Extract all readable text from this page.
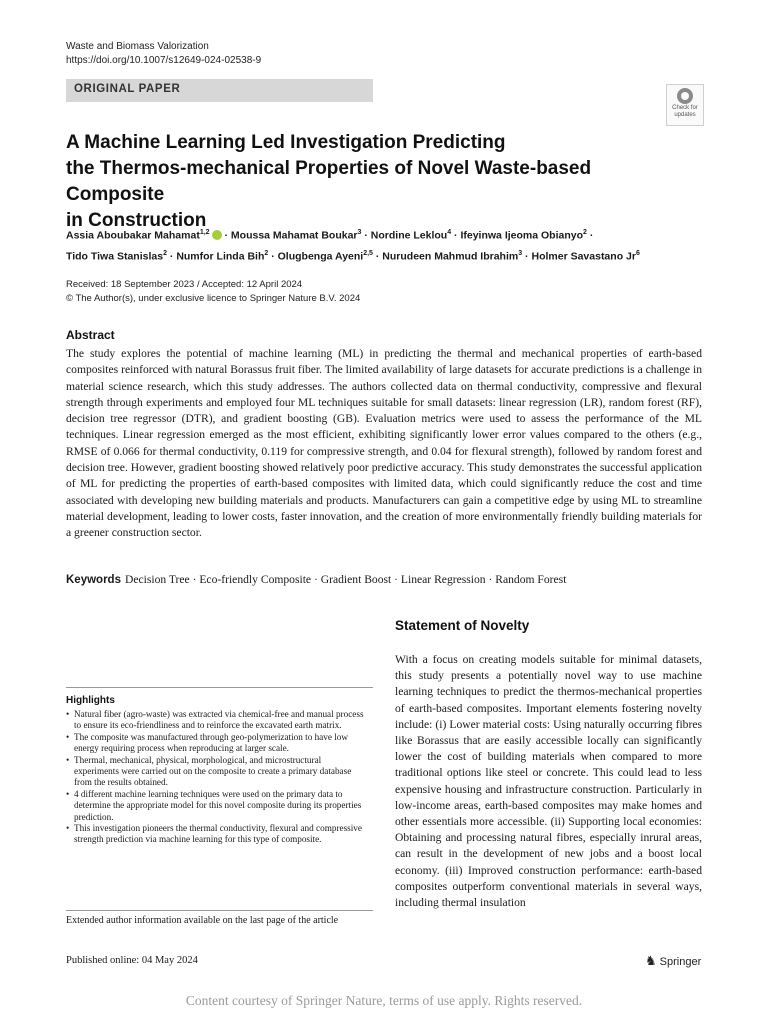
Waste and Biomass Valorization
https://doi.org/10.1007/s12649-024-02538-9
ORIGINAL PAPER
Check for updates
A Machine Learning Led Investigation Predicting
the Thermos-mechanical Properties of Novel Waste-based Composite
in Construction
Assia Aboubakar Mahamat$^{1,2}$ · Moussa Mahamat Boukar$^3$ · Nordine Leklou$^4$ · Ifeyinwa Ijeoma Obianyo$^2$ ·
Tido Tiwa Stanislas$^2$ · Numfor Linda Bih$^2$ · Olugbenga Ayeni$^{2,5}$ · Nurudeen Mahmud Ibrahim$^3$ · Holmer Savastano Jr$^6$
Received: 18 September 2023 / Accepted: 12 April 2024
© The Author(s), under exclusive licence to Springer Nature B.V. 2024
Abstract
The study explores the potential of machine learning (ML) in predicting the thermal and mechanical properties of earth-based composites reinforced with natural Borassus fruit fiber. The limited availability of large datasets for accurate predictions is a challenge in material science research, which this study addresses. The authors collected data on thermal conductivity, compressive and flexural strength through experiments and employed four ML techniques suitable for small datasets: linear regression (LR), random forest (RF), decision tree regressor (DTR), and gradient boosting (GB). Evaluation metrics were used to assess the performance of the ML techniques. Linear regression emerged as the most efficient, exhibiting significantly lower error values compared to the others (e.g., RMSE of 0.066 for thermal conductivity, 0.119 for compressive strength, and 0.04 for flexural strength), followed by random forest and decision tree. However, gradient boosting showed relatively poor predictive accuracy. This study demonstrates the successful application of ML for predicting the properties of earth-based composites with limited data, which could significantly reduce the cost and time associated with developing new building materials and products. Manufacturers can gain a competitive edge by using ML to streamline material development, leading to lower costs, faster innovation, and the creation of more environmentally friendly building materials for a greener construction sector.
Keywords Decision Tree · Eco-friendly Composite · Gradient Boost · Linear Regression · Random Forest
Statement of Novelty
With a focus on creating models suitable for minimal datasets, this study presents a potentially novel way to use machine learning techniques to predict the thermos-mechanical properties of earth-based composites. Important elements fostering novelty include: (i) Lower material costs: Using naturally occurring fibres like Borassus that are easily accessible locally can significantly lower the cost of building materials when compared to more traditional options like steel or concrete. This could lead to less expensive housing and infrastructure construction. Particularly in low-income areas, earth-based composites may make homes and other essentials more accessible. (ii) Supporting local economies: Obtaining and processing natural fibres, especially inrural areas, can result in the development of new jobs and a boost local economy. (iii) Improved construction performance: earth-based composites outperform conventional materials in several ways, including thermal insulation
Highlights
• Natural fiber (agro-waste) was extracted via chemical-free and manual process to ensure its eco-friendliness and to reinforce the excavated earth matrix.
• The composite was manufactured through geo-polymerization to have low energy requiring process when reproducing at larger scale.
• Thermal, mechanical, physical, morphological, and microstructural experiments were carried out on the composite to create a primary database from the results obtained.
• 4 different machine learning techniques were used on the primary data to determine the appropriate model for this novel composite during its properties prediction.
• This investigation pioneers the thermal conductivity, flexural and compressive strength prediction via machine learning for this type of composite.
Extended author information available on the last page of the article
Published online: 04 May 2024	♞ Springer
Content courtesy of Springer Nature, terms of use apply. Rights reserved.
